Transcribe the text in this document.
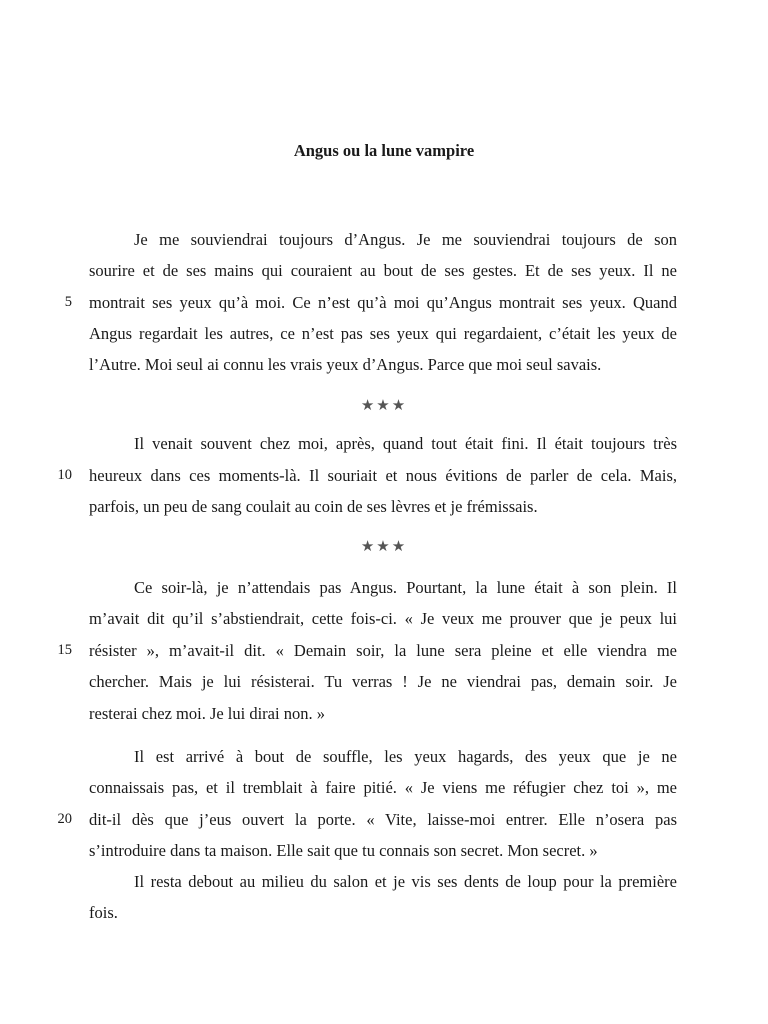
Angus ou la lune vampire
Je me souviendrai toujours d’Angus. Je me souviendrai toujours de son
sourire et de ses mains qui couraient au bout de ses gestes. Et de ses yeux. Il ne
5 montrait ses yeux qu’à moi. Ce n’est qu’à moi qu’Angus montrait ses yeux. Quand
Angus regardait les autres, ce n’est pas ses yeux qui regardaient, c’était les yeux de
l’Autre. Moi seul ai connu les vrais yeux d’Angus. Parce que moi seul savais.
★★★
Il venait souvent chez moi, après, quand tout était fini. Il était toujours très
10 heureux dans ces moments-là. Il souriait et nous évitions de parler de cela. Mais,
parfois, un peu de sang coulait au coin de ses lèvres et je frémissais.
★★★
Ce soir-là, je n’attendais pas Angus. Pourtant, la lune était à son plein. Il
m’avait dit qu’il s’abstiendrait, cette fois-ci. « Je veux me prouver que je peux lui
15 résister », m’avait-il dit. « Demain soir, la lune sera pleine et elle viendra me
chercher. Mais je lui résisterai. Tu verras ! Je ne viendrai pas, demain soir. Je
resterai chez moi. Je lui dirai non. »
Il est arrivé à bout de souffle, les yeux hagards, des yeux que je ne
connaissais pas, et il tremblait à faire pitié. « Je viens me réfugier chez toi », me
20 dit-il dès que j’eus ouvert la porte. « Vite, laisse-moi entrer. Elle n’osera pas
s’introduire dans ta maison. Elle sait que tu connais son secret. Mon secret. »
Il resta debout au milieu du salon et je vis ses dents de loup pour la première
fois.
